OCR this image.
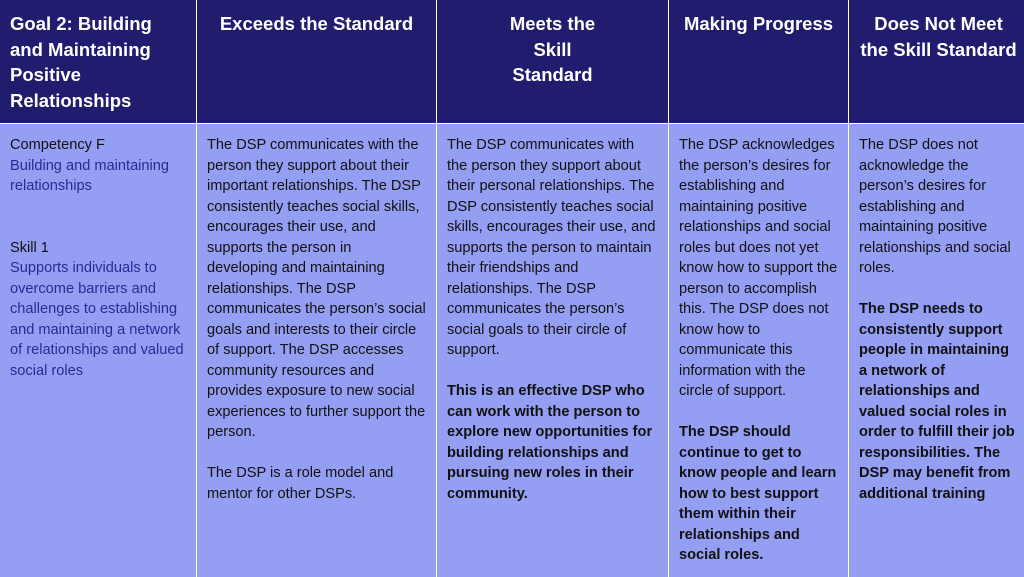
Goal 2: Building
and Maintaining
Positive
Relationships
Exceeds the Standard	Meets the
Skill
Standard
Making Progress	Does Not Meet
the Skill Standard

Competency F

Building and maintaining relationships

Skill 1

Supports individuals to overcome barriers and challenges to establishing and maintaining a network of relationships and valued social roles

The DSP communicates with the person they support about their important relationships. The DSP consistently teaches social skills, encourages their use, and supports the person in developing and maintaining relationships. The DSP communicates the person’s social goals and interests to their circle of support. The DSP accesses community resources and provides exposure to new social experiences to further support the person.

The DSP is a role model and mentor for other DSPs.

The DSP communicates with the person they support about their personal relationships. The DSP consistently teaches social skills, encourages their use, and supports the person to maintain their friendships and relationships. The DSP communicates the person’s social goals to their circle of support.

This is an effective DSP who can work with the person to explore new opportunities for building relationships and pursuing new roles in their community.

The DSP acknowledges the person’s desires for establishing and maintaining positive relationships and social roles but does not yet know how to support the person to accomplish this. The DSP does not know how to communicate this information with the circle of support.

The DSP should continue to get to know people and learn how to best support them within their relationships and social roles.

The DSP does not acknowledge the person’s desires for establishing and maintaining positive relationships and social roles.

The DSP needs to consistently support people in maintaining a network of relationships and valued social roles in order to fulfill their job responsibilities. The DSP may benefit from additional training
